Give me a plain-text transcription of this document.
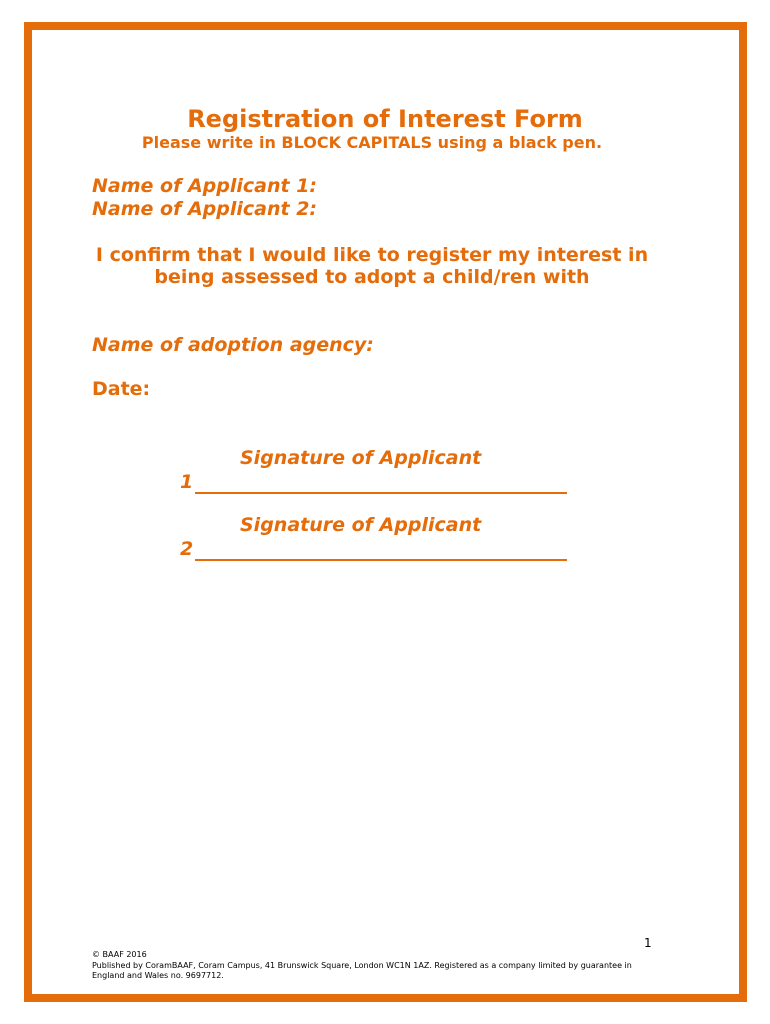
Registration of Interest Form
Please write in BLOCK CAPITALS using a black pen.
Name of Applicant 1:
Name of Applicant 2:
I confirm that I would like to register my interest in being assessed to adopt a child/ren with
Name of adoption agency:
Date:
Signature of Applicant
1
Signature of Applicant
2
1
© BAAF 2016
Published by CoramBAAF, Coram Campus, 41 Brunswick Square, London WC1N 1AZ. Registered as a company limited by guarantee in England and Wales no. 9697712.
